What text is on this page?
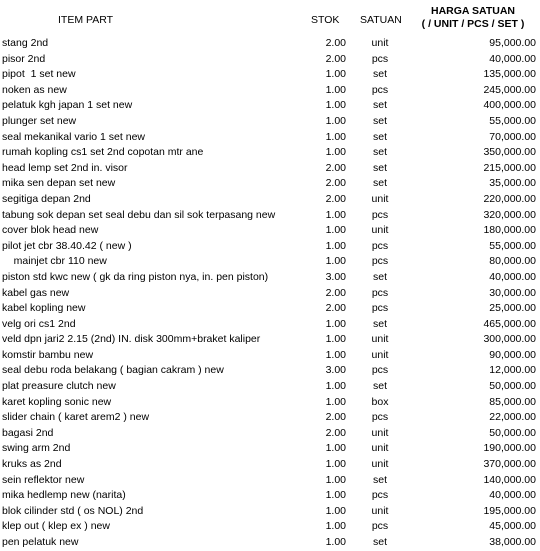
ITEM PART	STOK SATUAN
HARGA SATUAN
( / UNIT / PCS / SET )
stang 2nd	2.00	unit	95,000.00
pisor 2nd	2.00	pcs	40,000.00
pipot  1 set new	1.00	set	135,000.00
noken as new	1.00	pcs	245,000.00
pelatuk kgh japan 1 set new	1.00	set	400,000.00
plunger set new	1.00	set	55,000.00
seal mekanikal vario 1 set new	1.00	set	70,000.00
rumah kopling cs1 set 2nd copotan mtr ane	1.00	set	350,000.00
head lemp set 2nd in. visor	2.00	set	215,000.00
mika sen depan set new	2.00	set	35,000.00
segitiga depan 2nd	2.00	unit	220,000.00
tabung sok depan set seal debu dan sil sok terpasang new	1.00	pcs	320,000.00
cover blok head new	1.00	unit	180,000.00
pilot jet cbr 38.40.42 ( new )	1.00	pcs	55,000.00
mainjet cbr 110 new	1.00	pcs	80,000.00
piston std kwc new ( gk da ring piston nya, in. pen piston)	3.00	set	40,000.00
kabel gas new	2.00	pcs	30,000.00
kabel kopling new	2.00	pcs	25,000.00
velg ori cs1 2nd	1.00	set	465,000.00
veld dpn jari2 2.15 (2nd) IN. disk 300mm+braket kaliper	1.00	unit	300,000.00
komstir bambu new	1.00	unit	90,000.00
seal debu roda belakang ( bagian cakram ) new	3.00	pcs	12,000.00
plat preasure clutch new	1.00	set	50,000.00
karet kopling sonic new	1.00	box	85,000.00
slider chain ( karet arem2 ) new	2.00	pcs	22,000.00
bagasi 2nd	2.00	unit	50,000.00
swing arm 2nd	1.00	unit	190,000.00
kruks as 2nd	1.00	unit	370,000.00
sein reflektor new	1.00	set	140,000.00
mika hedlemp new (narita)	1.00	pcs	40,000.00
blok cilinder std ( os NOL) 2nd	1.00	unit	195,000.00
klep out ( klep ex ) new	1.00	pcs	45,000.00
pen pelatuk new	1.00	set	38,000.00
